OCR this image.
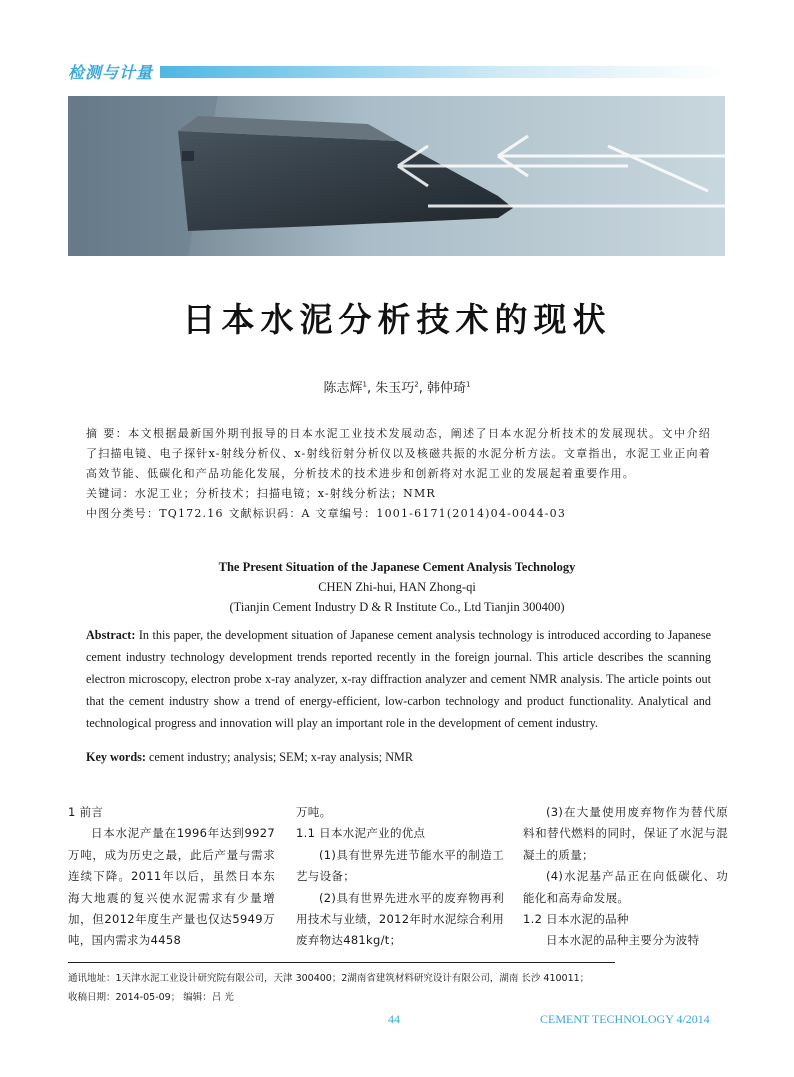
检测与计量
日本水泥分析技术的现状
陈志辉$^1$, 朱玉巧$^2$, 韩仲琦$^1$

摘 要：本文根据最新国外期刊报导的日本水泥工业技术发展动态，阐述了日本水泥分析技术的发展现状。文中介绍了扫描电镜、电子探针x-射线分析仪、x-射线衍射分析仪以及核磁共振的水泥分析方法。文章指出，水泥工业正向着高效节能、低碳化和产品功能化发展，分析技术的技术进步和创新将对水泥工业的发展起着重要作用。

关键词：水泥工业；分析技术；扫描电镜；x-射线分析法；NMR

中图分类号：TQ172.16 文献标识码：A 文章编号：1001-6171(2014)04-0044-03

The Present Situation of the Japanese Cement Analysis Technology
CHEN Zhi-hui, HAN Zhong-qi
(Tianjin Cement Industry D & R Institute Co., Ltd Tianjin 300400)
Abstract: In this paper, the development situation of Japanese cement analysis technology is introduced according to Japanese cement industry technology development trends reported recently in the foreign journal. This article describes the scanning electron microscopy, electron probe x-ray analyzer, x-ray diffraction analyzer and cement NMR analysis. The article points out that the cement industry show a trend of energy-efficient, low-carbon technology and product functionality. Analytical and technological progress and innovation will play an important role in the development of cement industry.
Key words: cement industry; analysis; SEM; x-ray analysis; NMR

1 前言

日本水泥产量在1996年达到9927万吨，成为历史之最，此后产量与需求连续下降。2011年以后，虽然日本东海大地震的复兴使水泥需求有少量增加，但2012年度生产量也仅达5949万吨，国内需求为4458

万吨。

1.1 日本水泥产业的优点

(1)具有世界先进节能水平的制造工艺与设备；

(2)具有世界先进水平的废弃物再利用技术与业绩，2012年时水泥综合利用废弃物达481kg/t；

(3)在大量使用废弃物作为替代原料和替代燃料的同时，保证了水泥与混凝土的质量；

(4)水泥基产品正在向低碳化、功能化和高寿命发展。

1.2 日本水泥的品种

日本水泥的品种主要分为波特

通讯地址：1天津水泥工业设计研究院有限公司，天津 300400；2湖南省建筑材料研究设计有限公司，湖南 长沙 410011；
收稿日期：2014-05-09； 编辑：吕 光
44	CEMENT TECHNOLOGY 4/2014
